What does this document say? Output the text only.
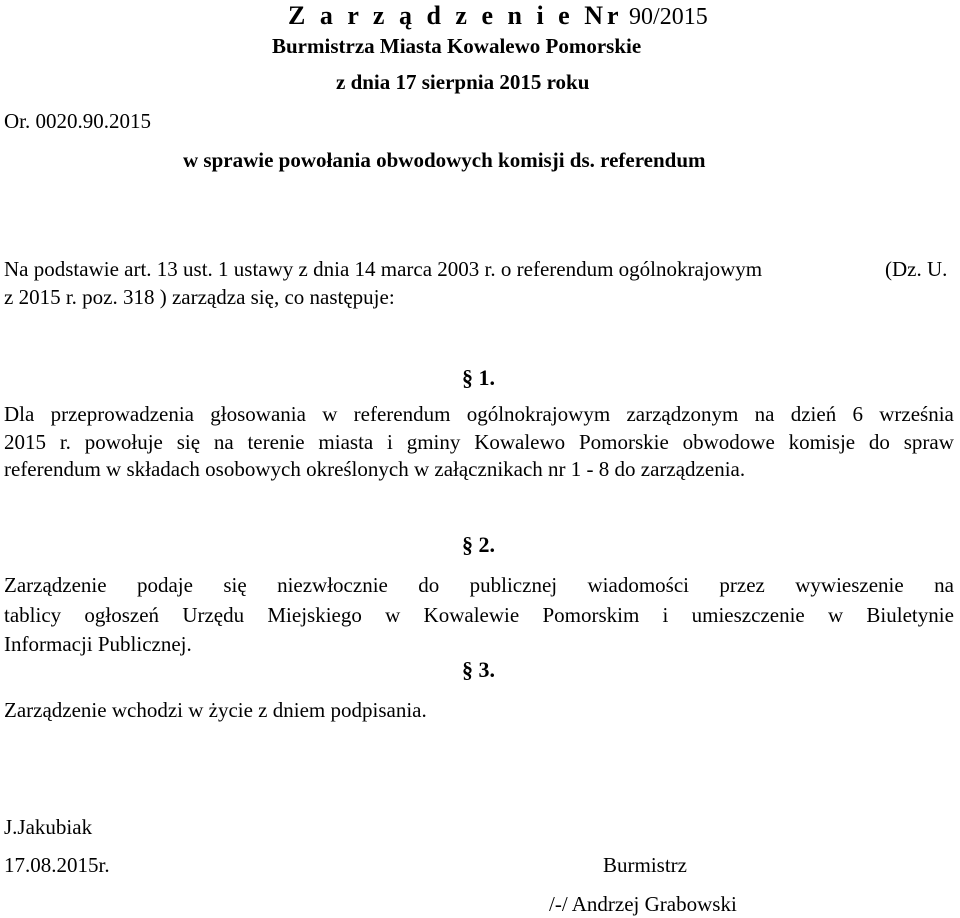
Z a r z ą d z e n i e Nr 90/2015
Burmistrza Miasta Kowalewo Pomorskie
z dnia 17 sierpnia 2015 roku
Or. 0020.90.2015
w sprawie powołania obwodowych komisji ds. referendum
Na podstawie art. 13 ust. 1 ustawy z dnia 14 marca 2003 r. o referendum ogólnokrajowym	(Dz. U.
z 2015 r. poz. 318 ) zarządza się, co następuje:
§ 1.
Dla przeprowadzenia głosowania w referendum ogólnokrajowym zarządzonym na dzień 6 września
2015 r. powołuje się na terenie miasta i gminy Kowalewo Pomorskie obwodowe komisje do spraw
referendum w składach osobowych określonych w załącznikach nr 1 - 8 do zarządzenia.
§ 2.
Zarządzenie podaje się niezwłocznie do publicznej wiadomości przez wywieszenie na
tablicy ogłoszeń Urzędu Miejskiego w Kowalewie Pomorskim i umieszczenie w Biuletynie
Informacji Publicznej.
§ 3.
Zarządzenie wchodzi w życie z dniem podpisania.
J.Jakubiak
17.08.2015r.	Burmistrz
/-/ Andrzej Grabowski
